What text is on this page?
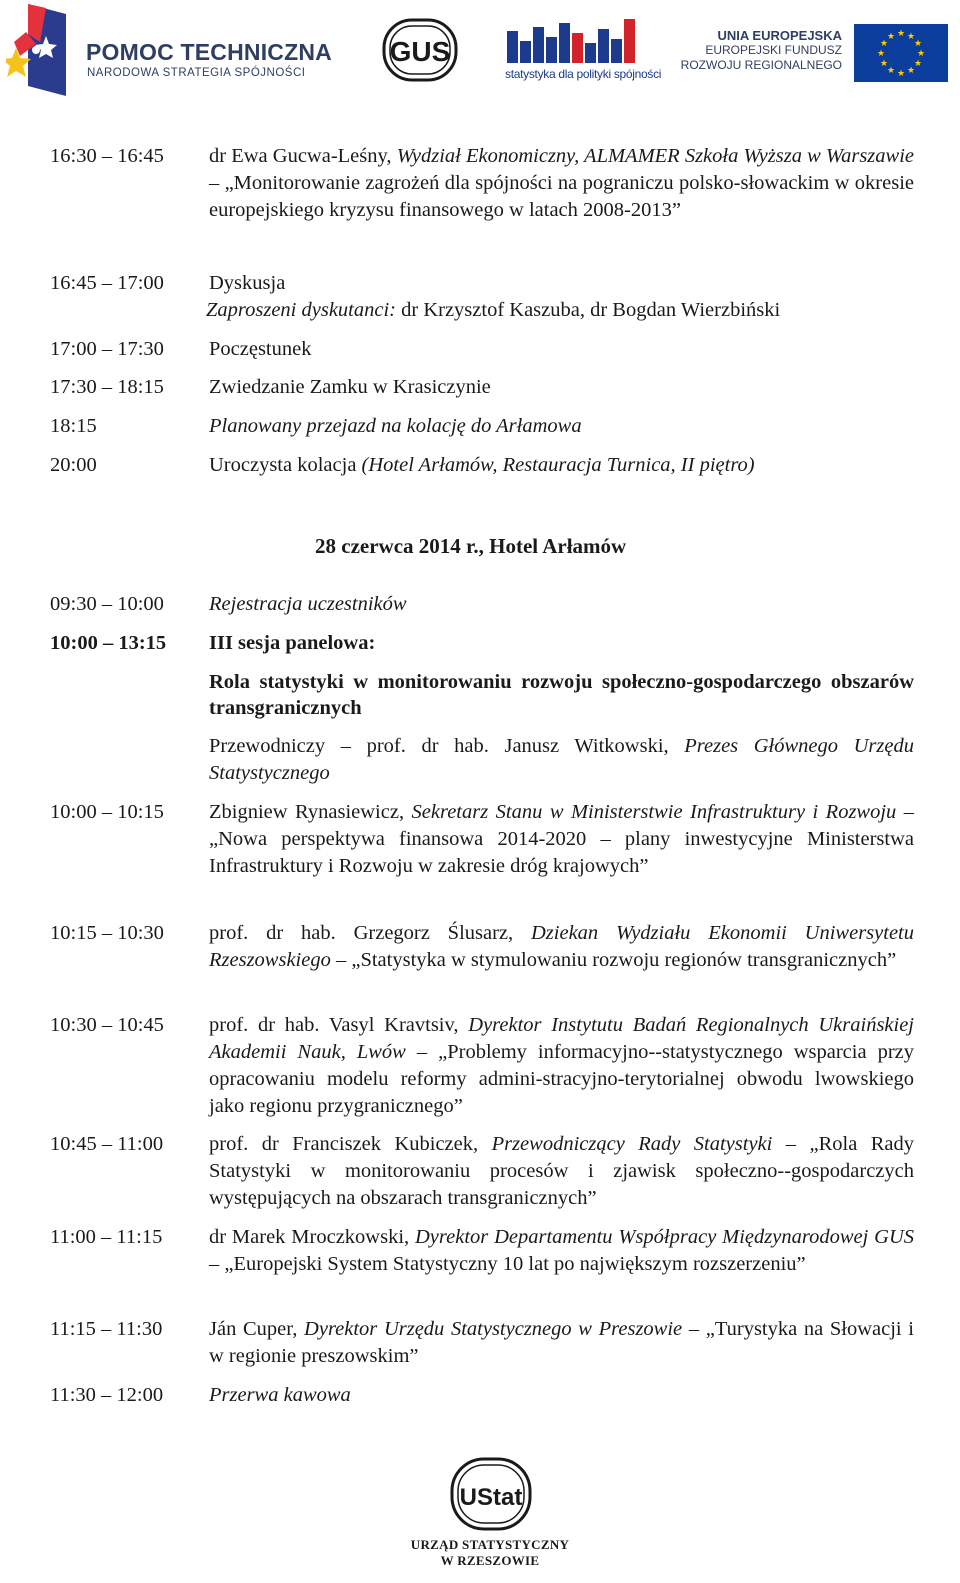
POMOC TECHNICZNA
NARODOWA STRATEGIA SPÓJNOŚCI
GUS
statystyka dla polityki spójności
UNIA EUROPEJSKA
EUROPEJSKI FUNDUSZ
ROZWOJU REGIONALNEGO
★ ★
★
★
★
★
★
★
★
★
★
★
16:30 – 16:45 dr Ewa Gucwa-Leśny, Wydział Ekonomiczny, ALMAMER Szkoła Wyższa w Warszawie – „Monitorowanie zagrożeń dla spójności na pograniczu polsko-słowackim w okresie europejskiego kryzysu finansowego w latach 2008-2013”
16:45 – 17:00 Dyskusja
Zaproszeni dyskutanci: dr Krzysztof Kaszuba, dr Bogdan Wierzbiński
17:00 – 17:30 Poczęstunek
17:30 – 18:15 Zwiedzanie Zamku w Krasiczynie
18:15	Planowany przejazd na kolację do Arłamowa
20:00	Uroczysta kolacja (Hotel Arłamów, Restauracja Turnica, II piętro)
28 czerwca 2014 r., Hotel Arłamów
09:30 – 10:00 Rejestracja uczestników
10:00 – 13:15 III sesja panelowa:
Rola statystyki w monitorowaniu rozwoju społeczno-gospodarczego obszarów transgranicznych
Przewodniczy – prof. dr hab. Janusz Witkowski, Prezes Głównego Urzędu Statystycznego
10:00 – 10:15 Zbigniew Rynasiewicz, Sekretarz Stanu w Ministerstwie Infrastruktury i Rozwoju – „Nowa perspektywa finansowa 2014-2020 – plany inwestycyjne Ministerstwa Infrastruktury i Rozwoju w zakresie dróg krajowych”
10:15 – 10:30 prof. dr hab. Grzegorz Ślusarz, Dziekan Wydziału Ekonomii Uniwersytetu Rzeszowskiego – „Statystyka w stymulowaniu rozwoju regionów transgranicznych”
10:30 – 10:45 prof. dr hab. Vasyl Kravtsiv, Dyrektor Instytutu Badań Regionalnych Ukraińskiej Akademii Nauk, Lwów – „Problemy informacyjno--statystycznego wsparcia przy opracowaniu modelu reformy admini-stracyjno-terytorialnej obwodu lwowskiego jako regionu przygranicznego”
10:45 – 11:00 prof. dr Franciszek Kubiczek, Przewodniczący Rady Statystyki – „Rola Rady Statystyki w monitorowaniu procesów i zjawisk społeczno--gospodarczych występujących na obszarach transgranicznych”
11:00 – 11:15 dr Marek Mroczkowski, Dyrektor Departamentu Współpracy Międzynarodowej GUS – „Europejski System Statystyczny 10 lat po największym rozszerzeniu”
11:15 – 11:30 Ján Cuper, Dyrektor Urzędu Statystycznego w Preszowie – „Turystyka na Słowacji i w regionie preszowskim”
11:30 – 12:00 Przerwa kawowa
UStat
URZĄD STATYSTYCZNY
W RZESZOWIE
